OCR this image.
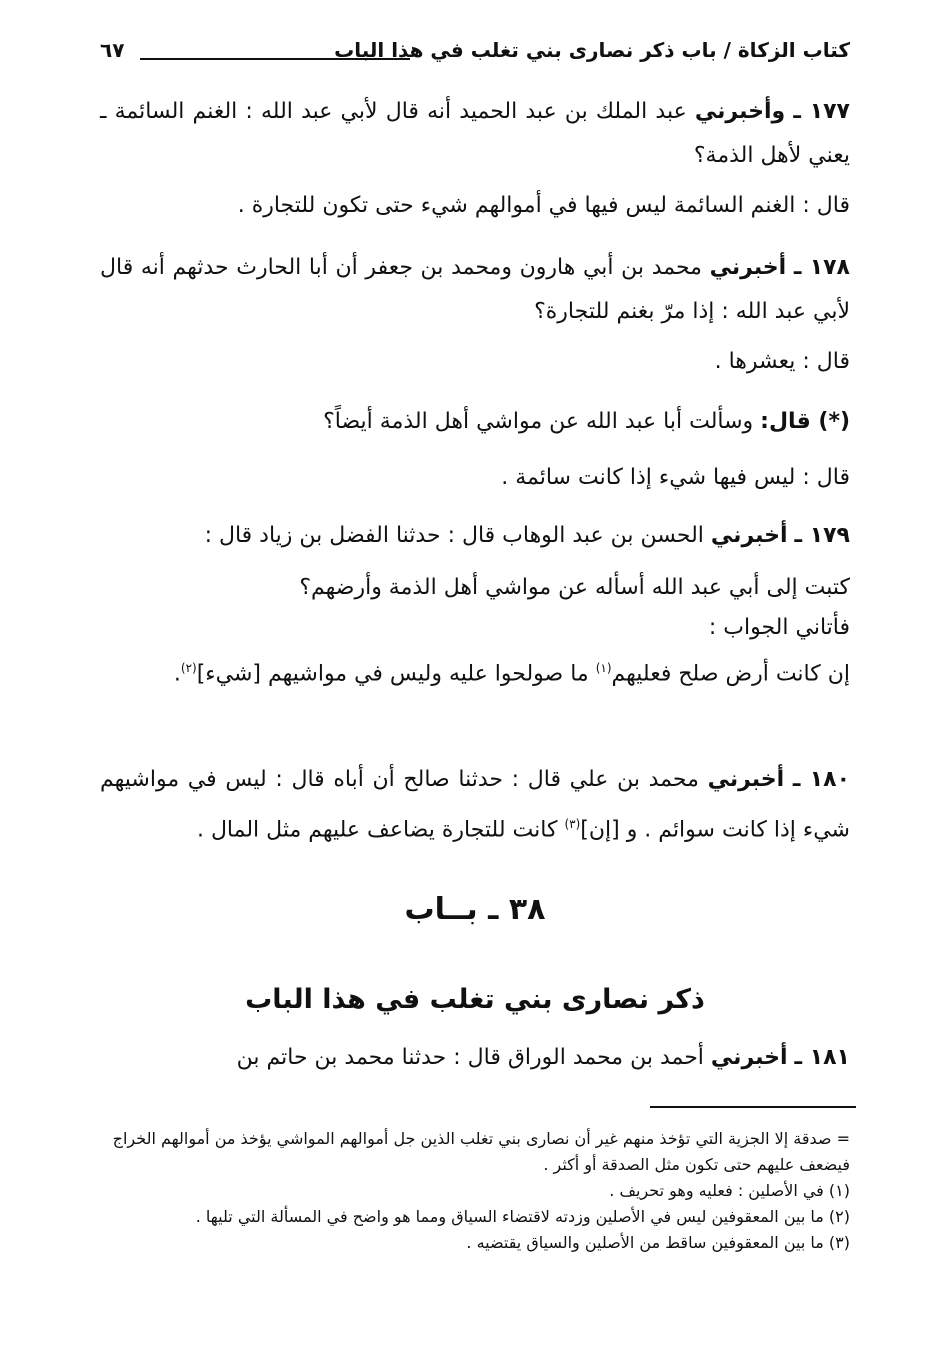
كتاب الزكاة / باب ذكر نصارى بني تغلب في هذا الباب
٦٧
١٧٧ ـ وأخبرني عبد الملك بن عبد الحميد أنه قال لأبي عبد الله : الغنم السائمة ـ يعني لأهل الذمة؟
قال : الغنم السائمة ليس فيها في أموالهم شيء حتى تكون للتجارة .
١٧٨ ـ أخبرني محمد بن أبي هارون ومحمد بن جعفر أن أبا الحارث حدثهم أنه قال لأبي عبد الله : إذا مرّ بغنم للتجارة؟
قال : يعشرها .
(*) قال: وسألت أبا عبد الله عن مواشي أهل الذمة أيضاً؟
قال : ليس فيها شيء إذا كانت سائمة .
١٧٩ ـ أخبرني الحسن بن عبد الوهاب قال : حدثنا الفضل بن زياد قال :
كتبت إلى أبي عبد الله أسأله عن مواشي أهل الذمة وأرضهم؟
فأتاني الجواب :
إن كانت أرض صلح فعليهم$^{(١)}$ ما صولحوا عليه وليس في مواشيهم [شيء]$^{(٢)}$.
١٨٠ ـ أخبرني محمد بن علي قال : حدثنا صالح أن أباه قال : ليس في مواشيهم شيء إذا كانت سوائم . و [إن]$^{(٣)}$ كانت للتجارة يضاعف عليهم مثل المال .
٣٨ ـ بــاب
ذكر نصارى بني تغلب في هذا الباب
١٨١ ـ أخبرني أحمد بن محمد الوراق قال : حدثنا محمد بن حاتم بن
= صدقة إلا الجزية التي تؤخذ منهم غير أن نصارى بني تغلب الذين جل أموالهم المواشي يؤخذ من أموالهم الخراج فيضعف عليهم حتى تكون مثل الصدقة أو أكثر .
(١) في الأصلين : فعليه وهو تحريف .
(٢) ما بين المعقوفين ليس في الأصلين وزدته لاقتضاء السياق ومما هو واضح في المسألة التي تليها .
(٣) ما بين المعقوفين ساقط من الأصلين والسياق يقتضيه .
